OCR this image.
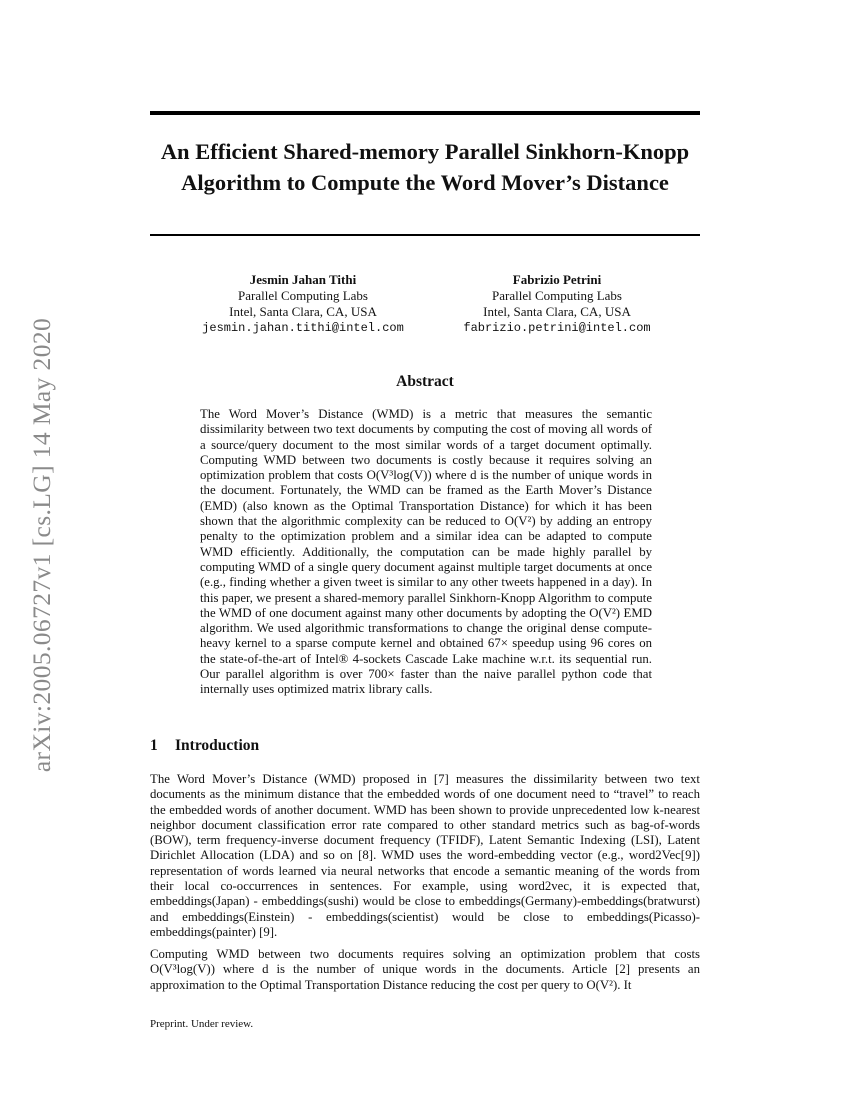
arXiv:2005.06727v1 [cs.LG] 14 May 2020
An Efficient Shared-memory Parallel Sinkhorn-Knopp Algorithm to Compute the Word Mover’s Distance
Jesmin Jahan Tithi
Parallel Computing Labs
Intel, Santa Clara, CA, USA
jesmin.jahan.tithi@intel.com
Fabrizio Petrini
Parallel Computing Labs
Intel, Santa Clara, CA, USA
fabrizio.petrini@intel.com
Abstract

The Word Mover’s Distance (WMD) is a metric that measures the semantic dissimilarity between two text documents by computing the cost of moving all words of a source/query document to the most similar words of a target document optimally. Computing WMD between two documents is costly because it requires solving an optimization problem that costs O(V³log(V)) where d is the number of unique words in the document. Fortunately, the WMD can be framed as the Earth Mover’s Distance (EMD) (also known as the Optimal Transportation Distance) for which it has been shown that the algorithmic complexity can be reduced to O(V²) by adding an entropy penalty to the optimization problem and a similar idea can be adapted to compute WMD efficiently. Additionally, the computation can be made highly parallel by computing WMD of a single query document against multiple target documents at once (e.g., finding whether a given tweet is similar to any other tweets happened in a day). In this paper, we present a shared-memory parallel Sinkhorn-Knopp Algorithm to compute the WMD of one document against many other documents by adopting the O(V²) EMD algorithm. We used algorithmic transformations to change the original dense compute-heavy kernel to a sparse compute kernel and obtained 67× speedup using 96 cores on the state-of-the-art of Intel® 4-sockets Cascade Lake machine w.r.t. its sequential run. Our parallel algorithm is over 700× faster than the naive parallel python code that internally uses optimized matrix library calls.

1 Introduction

The Word Mover’s Distance (WMD) proposed in [7] measures the dissimilarity between two text documents as the minimum distance that the embedded words of one document need to “travel” to reach the embedded words of another document. WMD has been shown to provide unprecedented low k-nearest neighbor document classification error rate compared to other standard metrics such as bag-of-words (BOW), term frequency-inverse document frequency (TFIDF), Latent Semantic Indexing (LSI), Latent Dirichlet Allocation (LDA) and so on [8]. WMD uses the word-embedding vector (e.g., word2Vec[9]) representation of words learned via neural networks that encode a semantic meaning of the words from their local co-occurrences in sentences. For example, using word2vec, it is expected that, embeddings(Japan) - embeddings(sushi) would be close to embeddings(Germany)-embeddings(bratwurst) and embeddings(Einstein) - embeddings(scientist) would be close to embeddings(Picasso)-embeddings(painter) [9].

Computing WMD between two documents requires solving an optimization problem that costs O(V³log(V)) where d is the number of unique words in the documents. Article [2] presents an approximation to the Optimal Transportation Distance reducing the cost per query to O(V²). It

Preprint. Under review.
